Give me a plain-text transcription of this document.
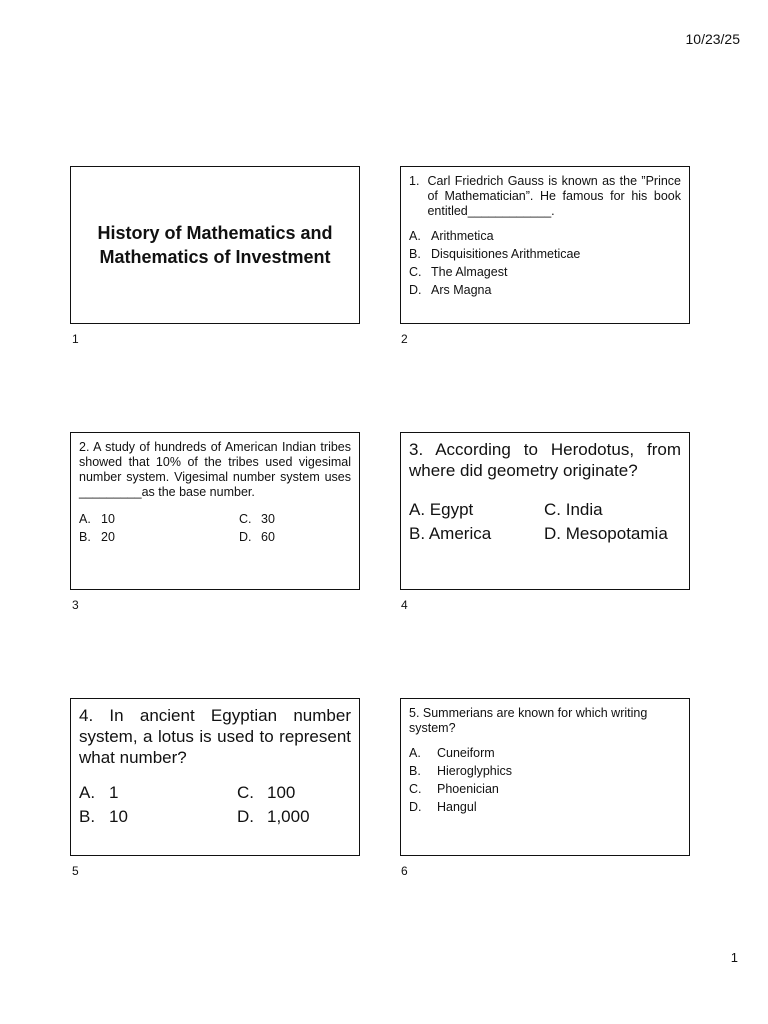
10/23/25
History of Mathematics and Mathematics of Investment
1
1. Carl Friedrich Gauss is known as the ”Prince of Mathematician”. He famous for his book entitled____________.
A. Arithmetica
B. Disquisitiones Arithmeticae
C. The Almagest
D. Ars Magna
2
2. A study of hundreds of American Indian tribes showed that 10% of the tribes used vigesimal number system. Vigesimal number system uses _________as the base number.
A. 10	C. 30
B. 20	D. 60
3
3. According to Herodotus, from where did geometry originate?
A. Egypt	C. India
B. America	D. Mesopotamia
4
4. In ancient Egyptian number system, a lotus is used to represent what number?
A. 1	C. 100
B. 10	D. 1,000
5
5. Summerians are known for which writing system?
A.	Cuneiform
B.	Hieroglyphics
C.	Phoenician
D.	Hangul
6
1
